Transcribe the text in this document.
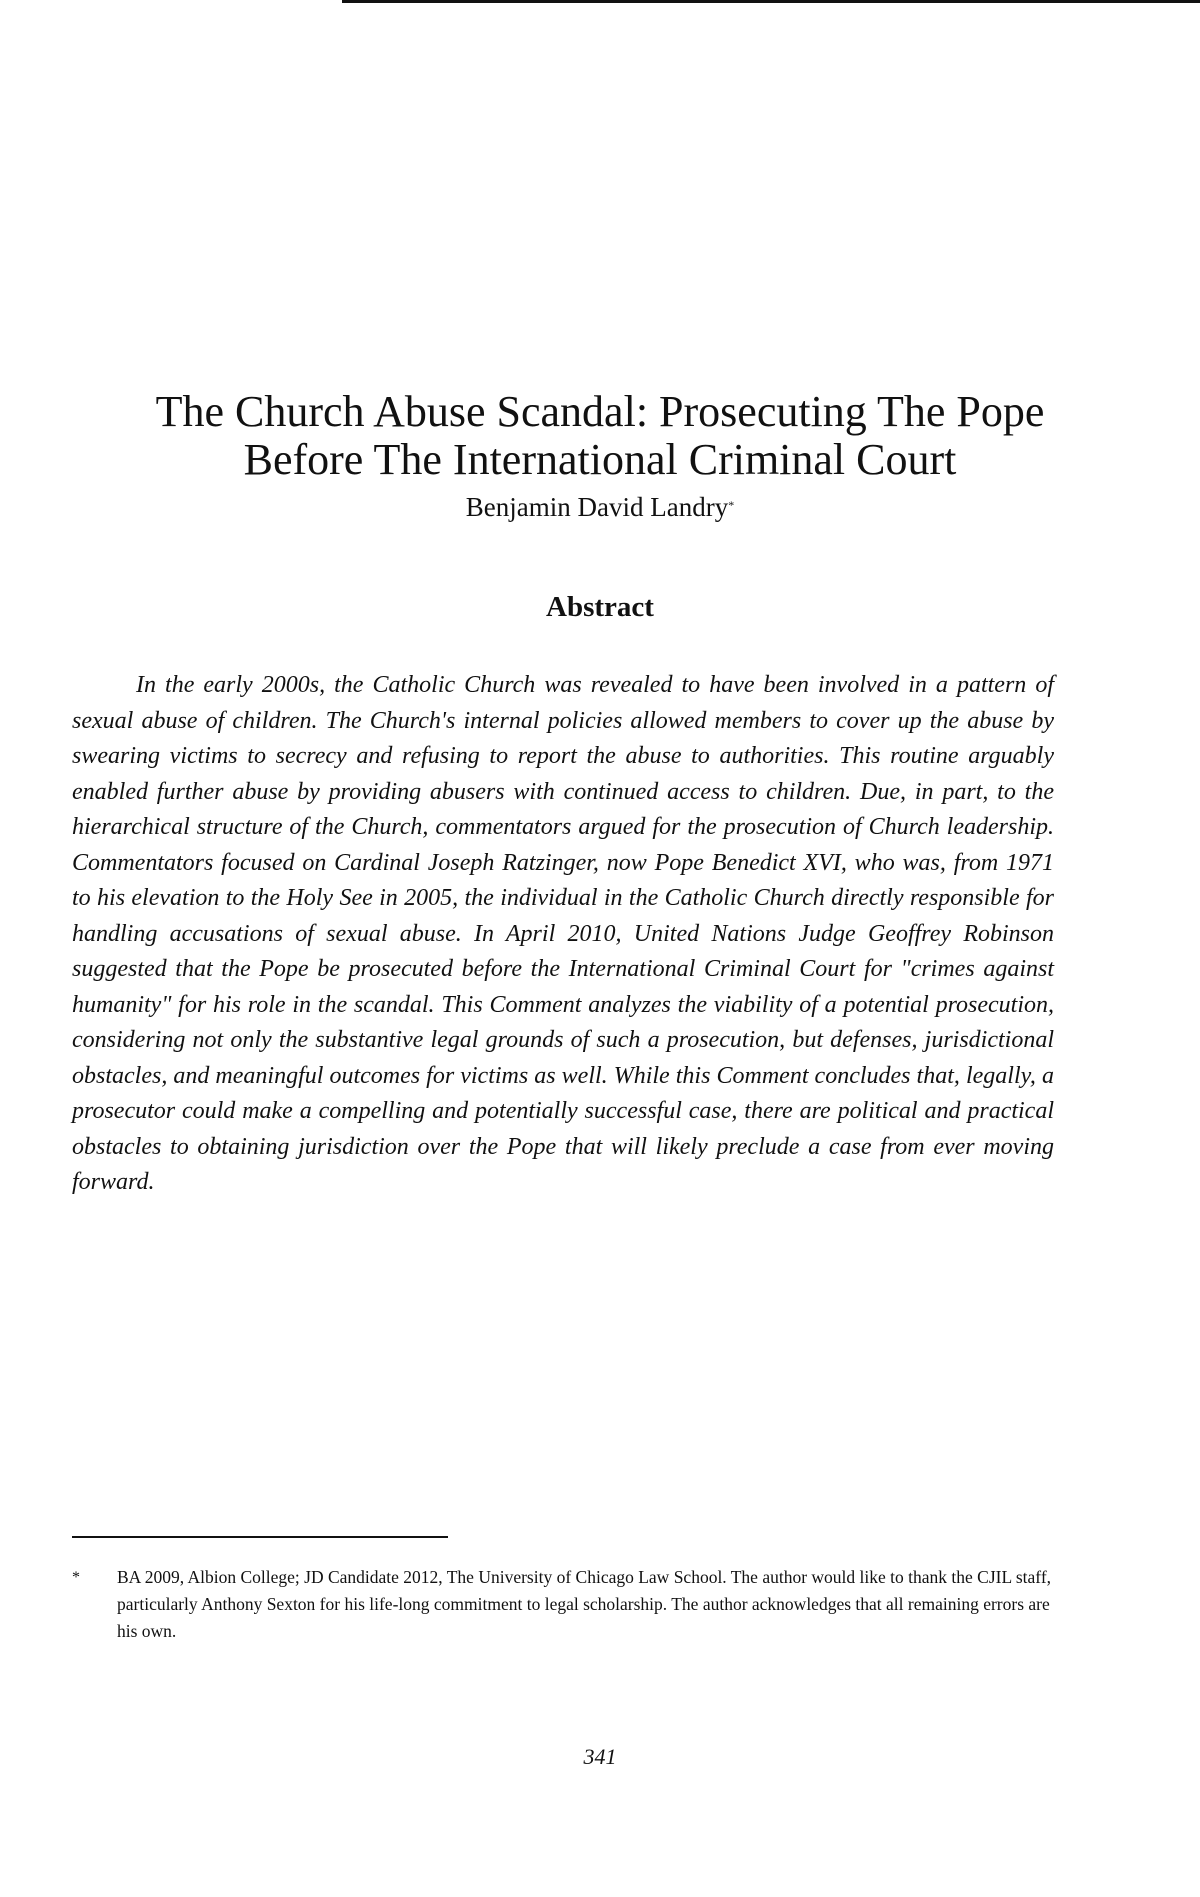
The Church Abuse Scandal: Prosecuting The Pope
Before The International Criminal Court
Benjamin David Landry*
Abstract

In the early 2000s, the Catholic Church was revealed to have been involved in a pattern of sexual abuse of children. The Church's internal policies allowed members to cover up the abuse by swearing victims to secrecy and refusing to report the abuse to authorities. This routine arguably enabled further abuse by providing abusers with continued access to children. Due, in part, to the hierarchical structure of the Church, commentators argued for the prosecution of Church leadership. Commentators focused on Cardinal Joseph Ratzinger, now Pope Benedict XVI, who was, from 1971 to his elevation to the Holy See in 2005, the individual in the Catholic Church directly responsible for handling accusations of sexual abuse. In April 2010, United Nations Judge Geoffrey Robinson suggested that the Pope be prosecuted before the International Criminal Court for "crimes against humanity" for his role in the scandal. This Comment analyzes the viability of a potential prosecution, considering not only the substantive legal grounds of such a prosecution, but defenses, jurisdictional obstacles, and meaningful outcomes for victims as well. While this Comment concludes that, legally, a prosecutor could make a compelling and potentially successful case, there are political and practical obstacles to obtaining jurisdiction over the Pope that will likely preclude a case from ever moving forward.

* BA 2009, Albion College; JD Candidate 2012, The University of Chicago Law School. The author would like to thank the CJIL staff, particularly Anthony Sexton for his life-long commitment to legal scholarship. The author acknowledges that all remaining errors are his own.
341
